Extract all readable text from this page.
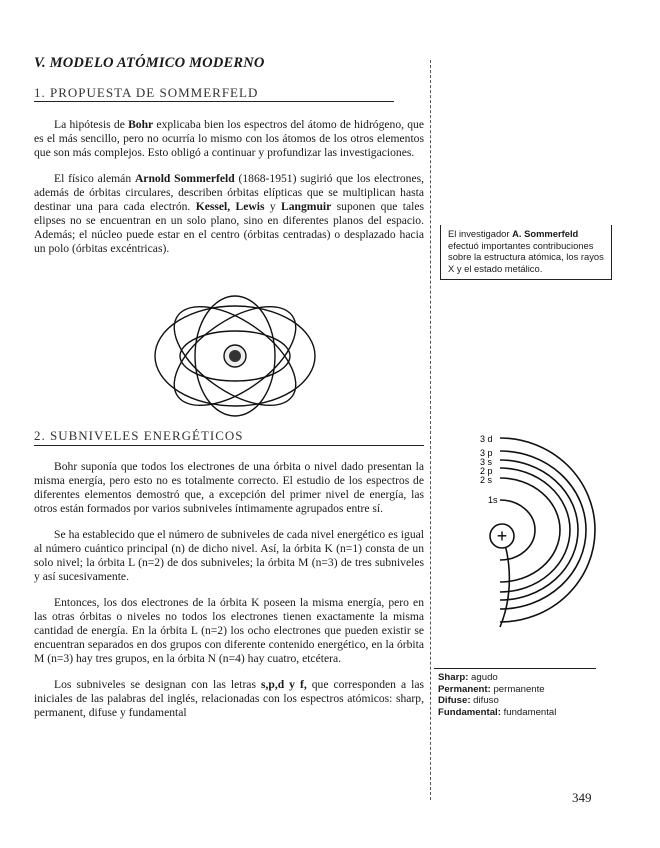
V. MODELO ATÓMICO MODERNO
1. PROPUESTA DE SOMMERFELD

La hipótesis de Bohr explicaba bien los espectros del átomo de hidrógeno, que es el más sencillo, pero no ocurría lo mismo con los átomos de los otros elementos que son más complejos. Esto obligó a continuar y profundizar las investigaciones.

El físico alemán Arnold Sommerfeld (1868-1951) sugirió que los electrones, además de órbitas circulares, describen órbitas elípticas que se multiplican hasta destinar una para cada electrón. Kessel, Lewis y Langmuir suponen que tales elipses no se encuentran en un solo plano, sino en diferentes planos del espacio. Además; el núcleo puede estar en el centro (órbitas centradas) o desplazado hacia un polo (órbitas excéntricas).

El investigador A. Sommerfeld efectuó importantes contribuciones sobre la estructura atómica, los rayos X y el estado metálico.
2. SUBNIVELES ENERGÉTICOS

Bohr suponía que todos los electrones de una órbita o nivel dado presentan la misma energía, pero esto no es totalmente correcto. El estudio de los espectros de diferentes elementos demostró que, a excepción del primer nivel de energía, las otros están formados por varios subniveles íntimamente agrupados entre sí.

Se ha establecido que el número de subniveles de cada nivel energético es igual al número cuántico principal (n) de dicho nivel. Así, la órbita K (n=1) consta de un solo nivel; la órbita L (n=2) de dos subniveles; la órbita M (n=3) de tres subniveles y así sucesivamente.

Entonces, los dos electrones de la órbita K poseen la misma energía, pero en las otras órbitas o niveles no todos los electrones tienen exactamente la misma cantidad de energía. En la órbita L (n=2) los ocho electrones que pueden existir se encuentran separados en dos grupos con diferente contenido energético, en la órbita M (n=3) hay tres grupos, en la órbita N (n=4) hay cuatro, etcétera.

Los subniveles se designan con las letras s,p,d y f, que corresponden a las iniciales de las palabras del inglés, relacionadas con los espectros atómicos: sharp, permanent, difuse y fundamental

3 d
3 p
3 s
2 p
2 s
1s
+
Sharp: agudo
Permanent: permanente
Difuse: difuso
Fundamental: fundamental
349
